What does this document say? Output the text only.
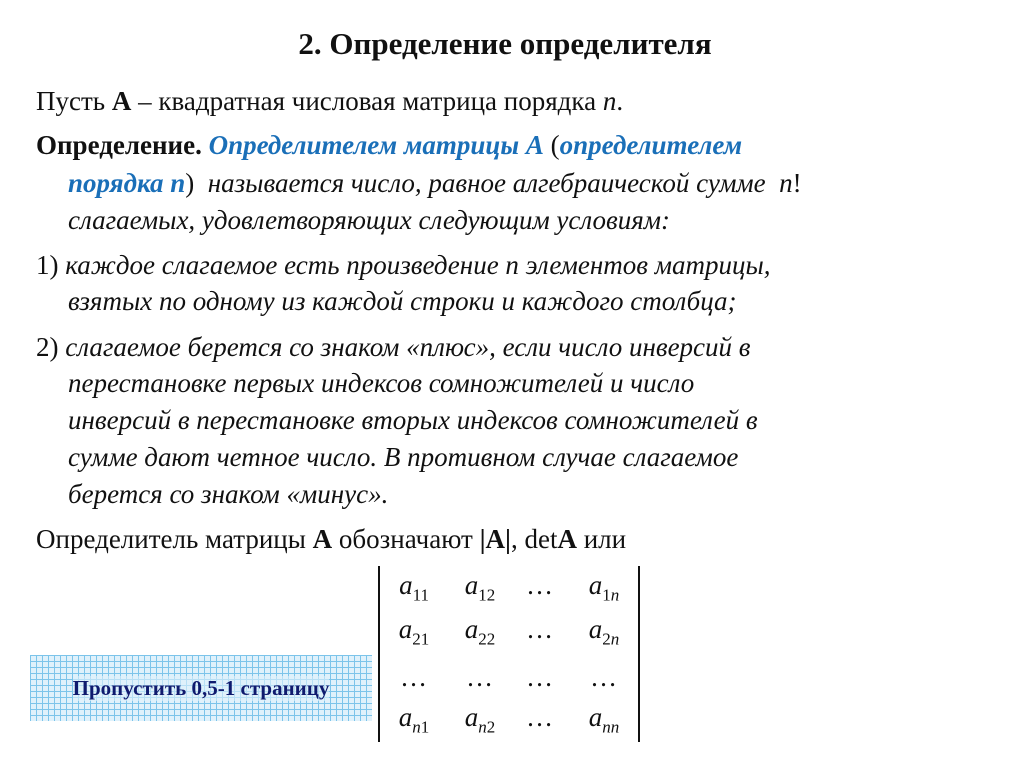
2. Определение определителя
Пусть A – квадратная числовая матрица порядка n.
Определение. Определителем матрицы A (определителем
порядка n) называется число, равное алгебраической сумме n!
слагаемых, удовлетворяющих следующим условиям:
1) каждое слагаемое есть произведение n элементов матрицы,
взятых по одному из каждой строки и каждого столбца;
2) слагаемое берется со знаком «плюс», если число инверсий в
перестановке первых индексов сомножителей и число
инверсий в перестановке вторых индексов сомножителей в
сумме дают четное число. В противном случае слагаемое
берется со знаком «минус».
Определитель матрицы A обозначают |A|, detA или
$a_{11}$	$a_{12}$	…	$a_{1n}$
$a_{21}$	$a_{22}$	…	$a_{2n}$
…	…	…	…
$a_{n1}$	$a_{n2}$	…	$a_{nn}$
Пропустить 0,5-1 страницу
